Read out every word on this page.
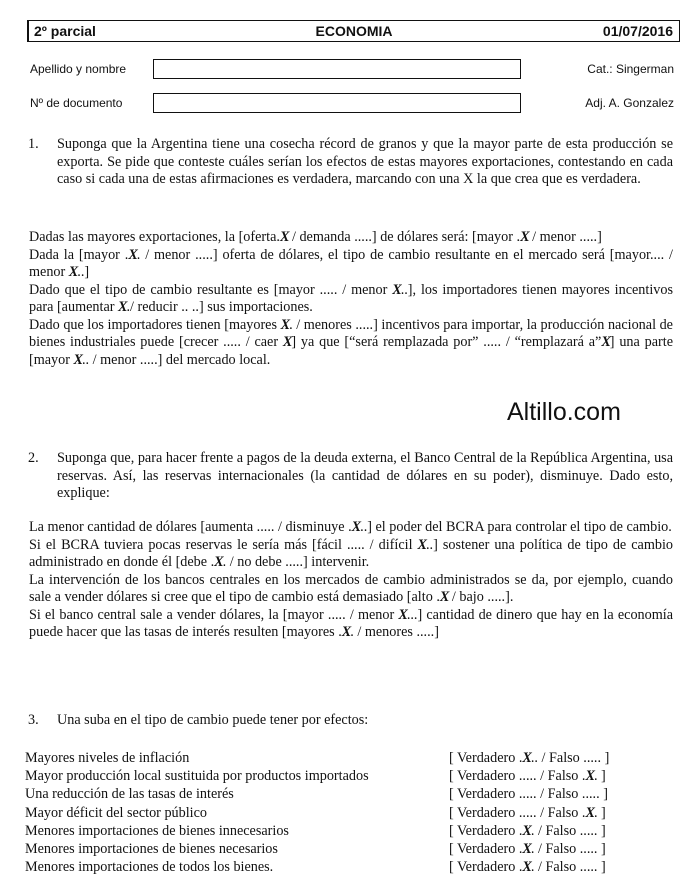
2º parcial	ECONOMIA	01/07/2016
Apellido y nombre	Cat.: Singerman
Nº de documento	Adj. A. Gonzalez
1. Suponga que la Argentina tiene una cosecha récord de granos y que la mayor parte de esta producción se exporta. Se pide que conteste cuáles serían los efectos de estas mayores exportaciones, contestando en cada caso si cada una de estas afirmaciones es verdadera, marcando con una X la que crea que es verdadera.

Dadas las mayores exportaciones, la [oferta.X / demanda .....] de dólares será: [mayor .X / menor .....]

Dada la [mayor .X. / menor .....] oferta de dólares, el tipo de cambio resultante en el mercado será [mayor.... / menor X..]

Dado que el tipo de cambio resultante es [mayor ..... / menor X..], los importadores tienen mayores incentivos para [aumentar X./ reducir .. ..] sus importaciones.

Dado que los importadores tienen [mayores X. / menores .....] incentivos para importar, la producción nacional de bienes industriales puede [crecer ..... / caer X] ya que [“será remplazada por” ..... / “remplazará a”X] una parte [mayor X.. / menor .....] del mercado local.

Altillo.com
2. Suponga que, para hacer frente a pagos de la deuda externa, el Banco Central de la República Argentina, usa reservas. Así, las reservas internacionales (la cantidad de dólares en su poder), disminuye. Dado esto, explique:

La menor cantidad de dólares [aumenta ..... / disminuye .X..] el poder del BCRA para controlar el tipo de cambio.

Si el BCRA tuviera pocas reservas le sería más [fácil ..... / difícil X..] sostener una política de tipo de cambio administrado en donde él [debe .X. / no debe .....] intervenir.

La intervención de los bancos centrales en los mercados de cambio administrados se da, por ejemplo, cuando sale a vender dólares si cree que el tipo de cambio está demasiado [alto .X / bajo .....].

Si el banco central sale a vender dólares, la [mayor ..... / menor X...] cantidad de dinero que hay en la economía puede hacer que las tasas de interés resulten [mayores .X. / menores .....]

3. Una suba en el tipo de cambio puede tener por efectos:
Mayores niveles de inflación	[ Verdadero .X.. / Falso ..... ]
Mayor producción local sustituida por productos importados	[ Verdadero ..... / Falso .X. ]
Una reducción de las tasas de interés	[ Verdadero ..... / Falso ..... ]
Mayor déficit del sector público	[ Verdadero ..... / Falso .X. ]
Menores importaciones de bienes innecesarios	[ Verdadero .X. / Falso ..... ]
Menores importaciones de bienes necesarios	[ Verdadero .X. / Falso ..... ]
Menores importaciones de todos los bienes.	[ Verdadero .X. / Falso ..... ]
